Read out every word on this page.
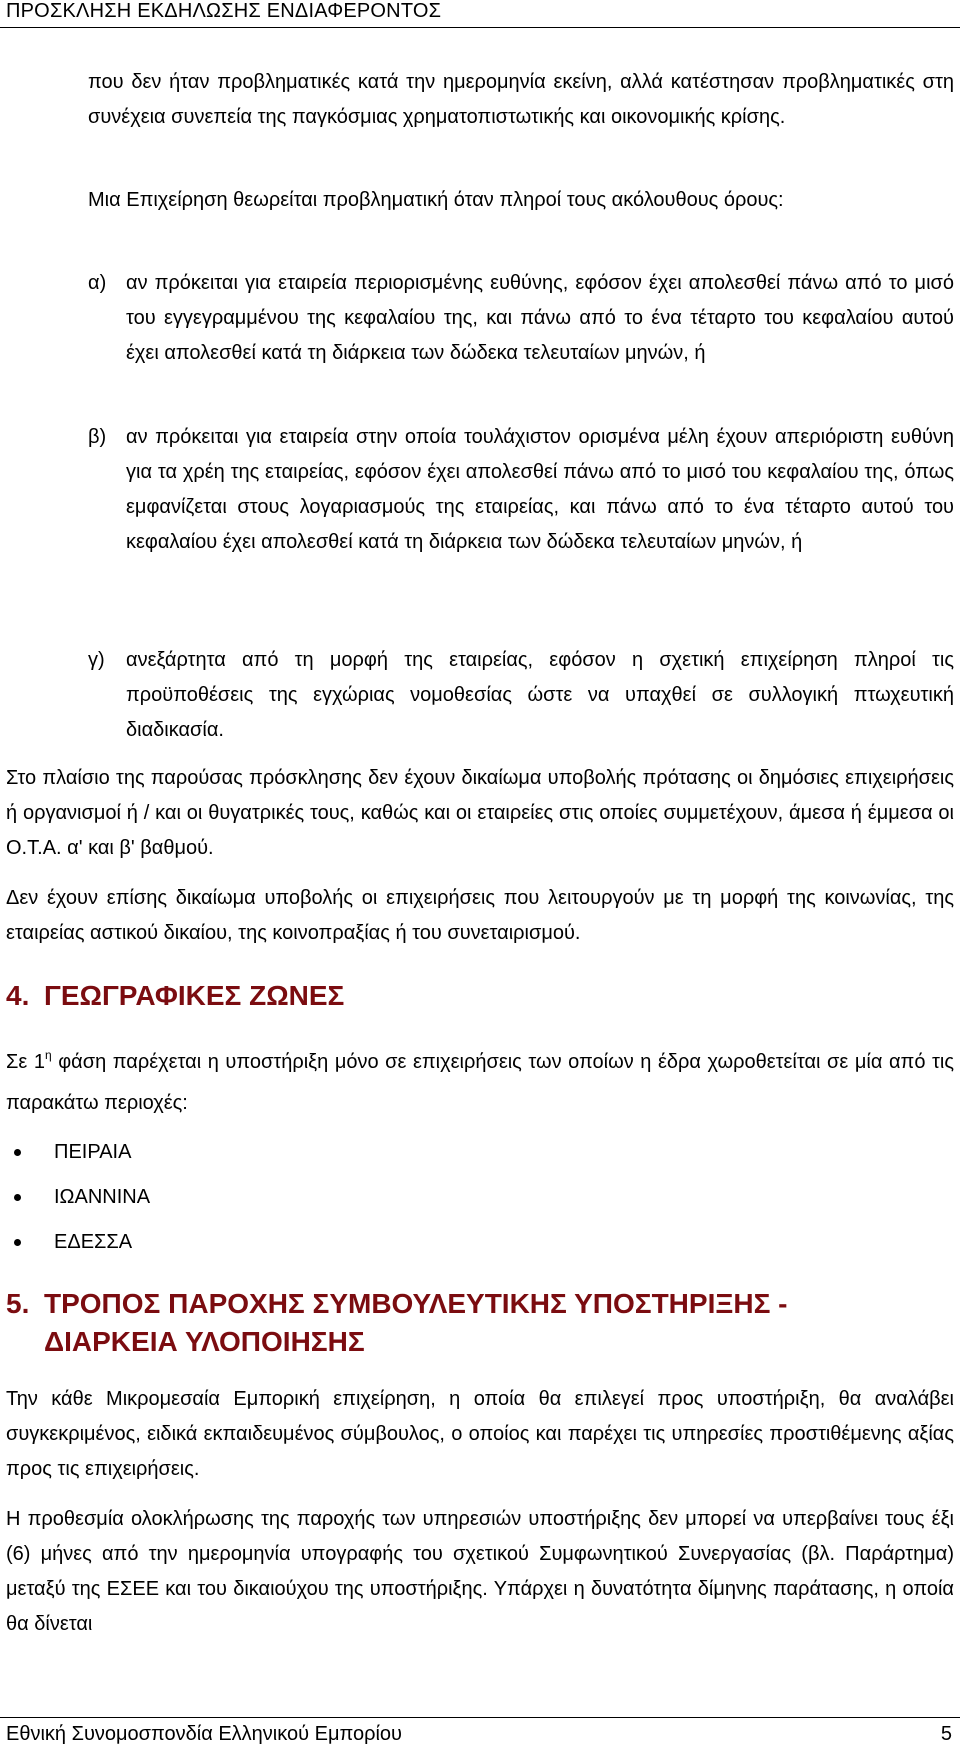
ΠΡΟΣΚΛΗΣΗ ΕΚΔΗΛΩΣΗΣ ΕΝΔΙΑΦΕΡΟΝΤΟΣ

που δεν ήταν προβληματικές κατά την ημερομηνία εκείνη, αλλά κατέστησαν προβληματικές στη συνέχεια συνεπεία της παγκόσμιας χρηματοπιστωτικής και οικονομικής κρίσης.

Μια Επιχείρηση θεωρείται προβληματική όταν πληροί τους ακόλουθους όρους:

α) αν πρόκειται για εταιρεία περιορισμένης ευθύνης, εφόσον έχει απολεσθεί πάνω από το μισό του εγγεγραμμένου της κεφαλαίου της, και πάνω από το ένα τέταρτο του κεφαλαίου αυτού έχει απολεσθεί κατά τη διάρκεια των δώδεκα τελευταίων μηνών, ή
β) αν πρόκειται για εταιρεία στην οποία τουλάχιστον ορισμένα μέλη έχουν απεριόριστη ευθύνη για τα χρέη της εταιρείας, εφόσον έχει απολεσθεί πάνω από το μισό του κεφαλαίου της, όπως εμφανίζεται στους λογαριασμούς της εταιρείας, και πάνω από το ένα τέταρτο αυτού του κεφαλαίου έχει απολεσθεί κατά τη διάρκεια των δώδεκα τελευταίων μηνών, ή
γ) ανεξάρτητα από τη μορφή της εταιρείας, εφόσον η σχετική επιχείρηση πληροί τις προϋποθέσεις της εγχώριας νομοθεσίας ώστε να υπαχθεί σε συλλογική πτωχευτική διαδικασία.

Στο πλαίσιο της παρούσας πρόσκλησης δεν έχουν δικαίωμα υποβολής πρότασης οι δημόσιες επιχειρήσεις ή οργανισμοί ή / και οι θυγατρικές τους, καθώς και οι εταιρείες στις οποίες συμμετέχουν, άμεσα ή έμμεσα οι Ο.Τ.Α. α' και β' βαθμού.

Δεν έχουν επίσης δικαίωμα υποβολής οι επιχειρήσεις που λειτουργούν με τη μορφή της κοινωνίας, της εταιρείας αστικού δικαίου, της κοινοπραξίας ή του συνεταιρισμού.

4. ΓΕΩΓΡΑΦΙΚΕΣ ΖΩΝΕΣ

Σε $1^\eta$ φάση παρέχεται η υποστήριξη μόνο σε επιχειρήσεις των οποίων η έδρα χωροθετείται σε μία από τις παρακάτω περιοχές:

ΠΕΙΡΑΙΑ
ΙΩΑΝΝΙΝΑ
ΕΔΕΣΣΑ
5. ΤΡΟΠΟΣ ΠΑΡΟΧΗΣ ΣΥΜΒΟΥΛΕΥΤΙΚΗΣ ΥΠΟΣΤΗΡΙΞΗΣ -
ΔΙΑΡΚΕΙΑ ΥΛΟΠΟΙΗΣΗΣ

Την κάθε Μικρομεσαία Εμπορική επιχείρηση, η οποία θα επιλεγεί προς υποστήριξη, θα αναλάβει συγκεκριμένος, ειδικά εκπαιδευμένος σύμβουλος, ο οποίος και παρέχει τις υπηρεσίες προστιθέμενης αξίας προς τις επιχειρήσεις.

Η προθεσμία ολοκλήρωσης της παροχής των υπηρεσιών υποστήριξης δεν μπορεί να υπερβαίνει τους έξι (6) μήνες από την ημερομηνία υπογραφής του σχετικού Συμφωνητικού Συνεργασίας (βλ. Παράρτημα) μεταξύ της ΕΣΕΕ και του δικαιούχου της υποστήριξης. Υπάρχει η δυνατότητα δίμηνης παράτασης, η οποία θα δίνεται

Εθνική Συνομοσπονδία Ελληνικού Εμπορίου	5
